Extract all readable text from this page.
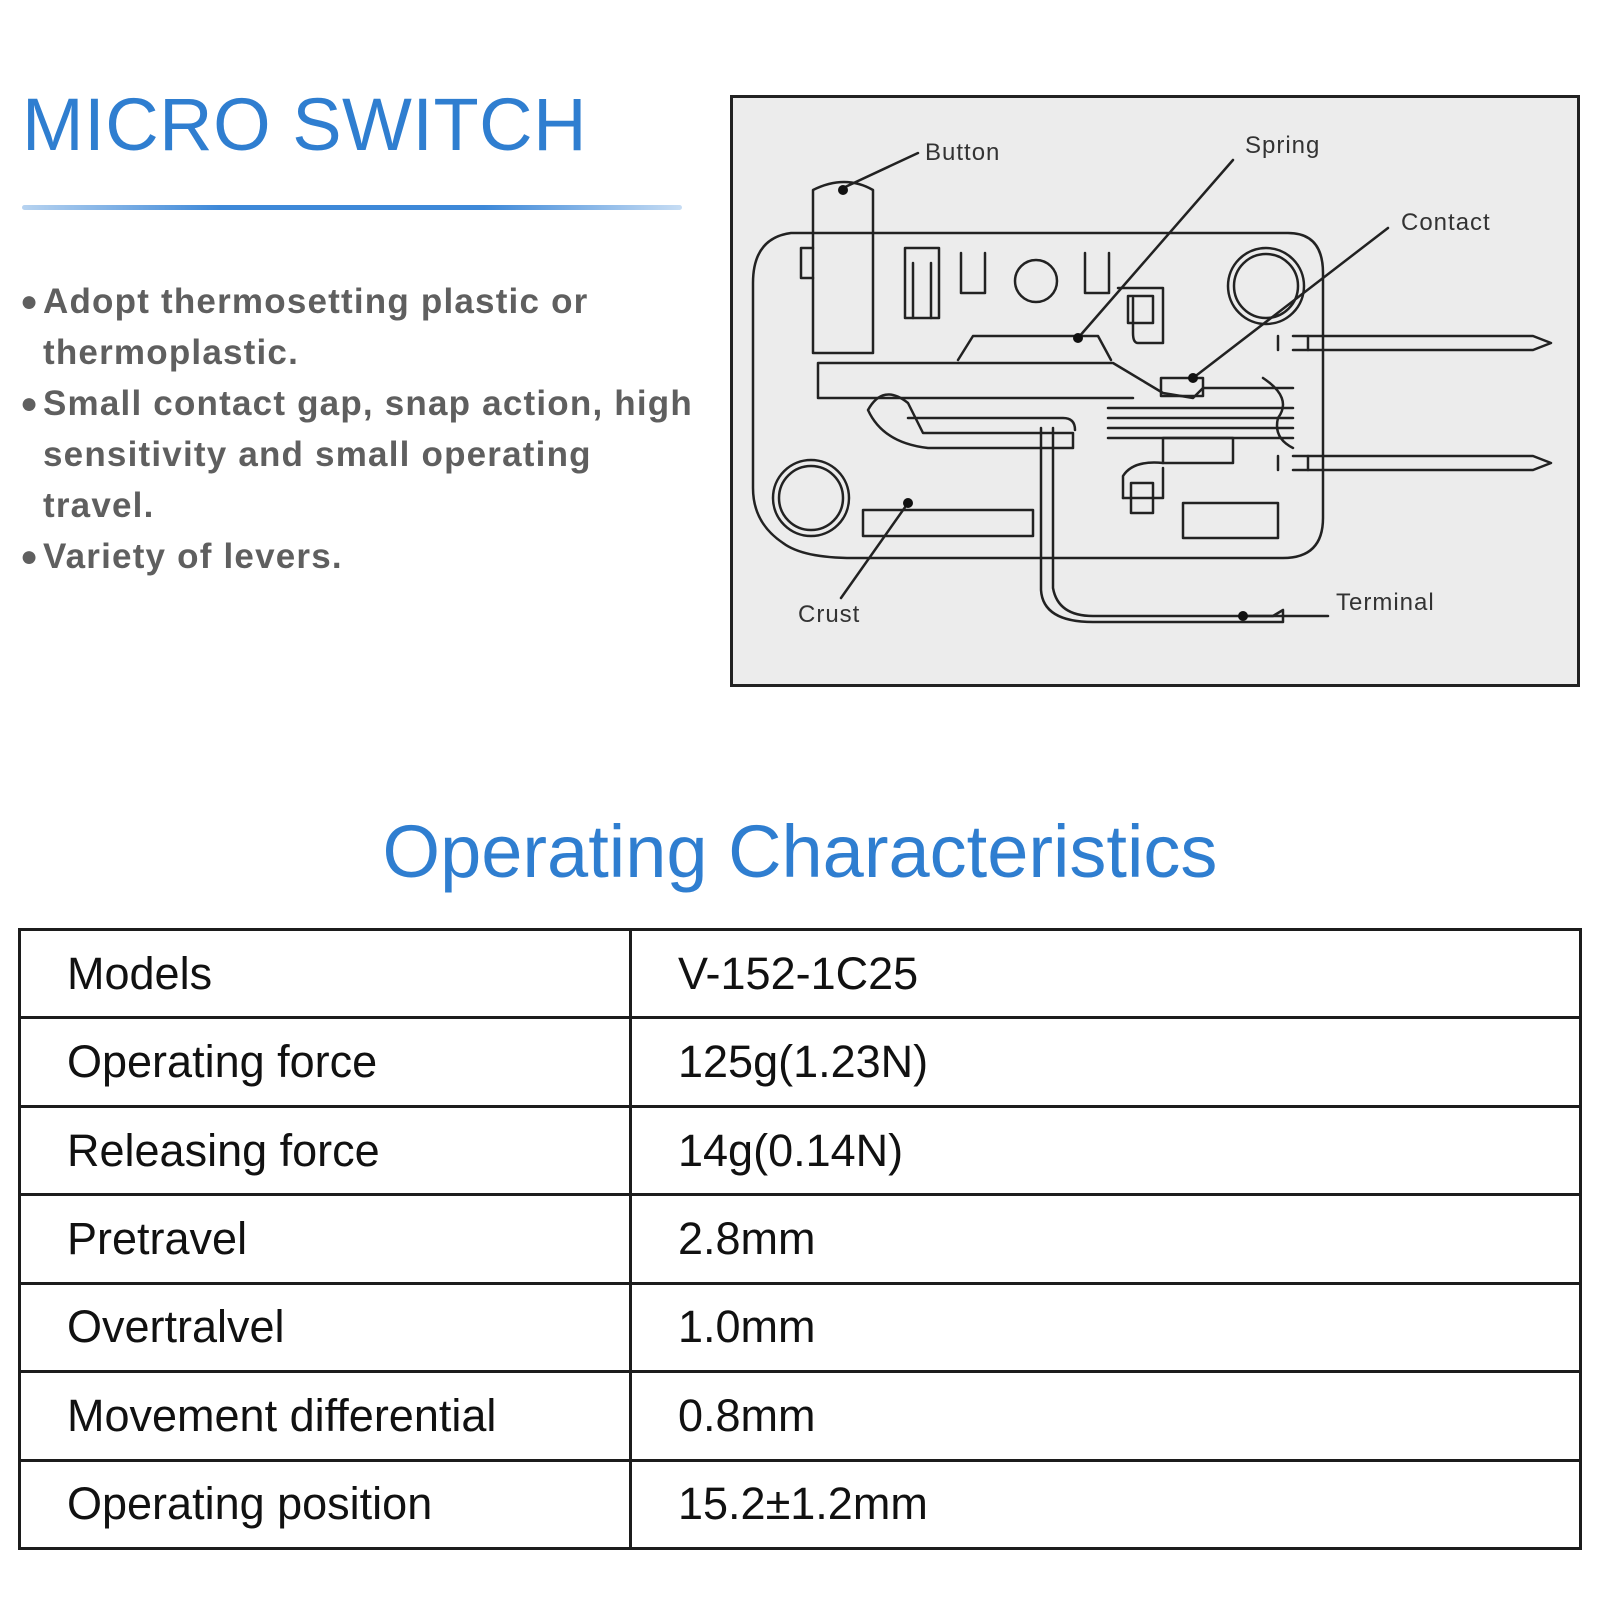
MICRO SWITCH
● Adopt thermosetting plastic or thermoplastic.
● Small contact gap, snap action, high sensitivity and small operating travel.
● Variety of levers.
Button	Spring
Contact
Crust	Terminal
Operating Characteristics
Models	V-152-1C25
Operating force	125g(1.23N)
Releasing force	14g(0.14N)
Pretravel	2.8mm
Overtralvel	1.0mm
Movement differential	0.8mm
Operating position	15.2±1.2mm
